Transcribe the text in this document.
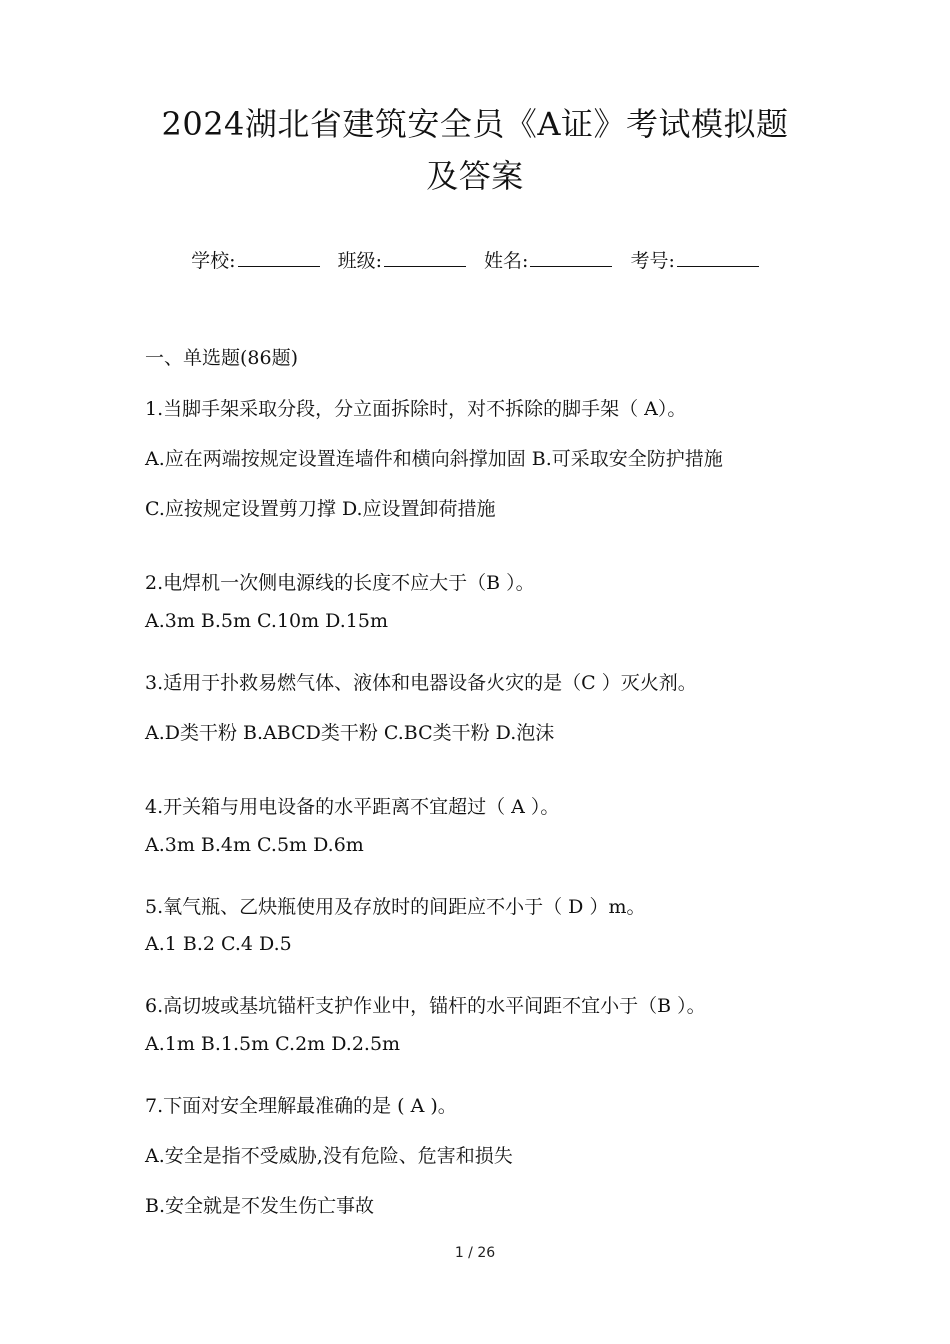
2024湖北省建筑安全员《A证》考试模拟题
及答案
学校:	班级:	姓名:	考号:
一、单选题(86题)
1.当脚手架采取分段，分立面拆除时，对不拆除的脚手架（ A）。
A.应在两端按规定设置连墙件和横向斜撑加固 B.可采取安全防护措施
C.应按规定设置剪刀撑 D.应设置卸荷措施
2.电焊机一次侧电源线的长度不应大于（B ）。
A.3m B.5m C.10m D.15m
3.适用于扑救易燃气体、液体和电器设备火灾的是（C ）灭火剂。
A.D类干粉 B.ABCD类干粉 C.BC类干粉 D.泡沫
4.开关箱与用电设备的水平距离不宜超过（ A ）。
A.3m B.4m C.5m D.6m
5.氧气瓶、乙炔瓶使用及存放时的间距应不小于（ D ）m。
A.1 B.2 C.4 D.5
6.高切坡或基坑锚杆支护作业中，锚杆的水平间距不宜小于（B ）。
A.1m B.1.5m C.2m D.2.5m
7.下面对安全理解最准确的是 ( A )。
A.安全是指不受威胁,没有危险、危害和损失
B.安全就是不发生伤亡事故
1 / 26
